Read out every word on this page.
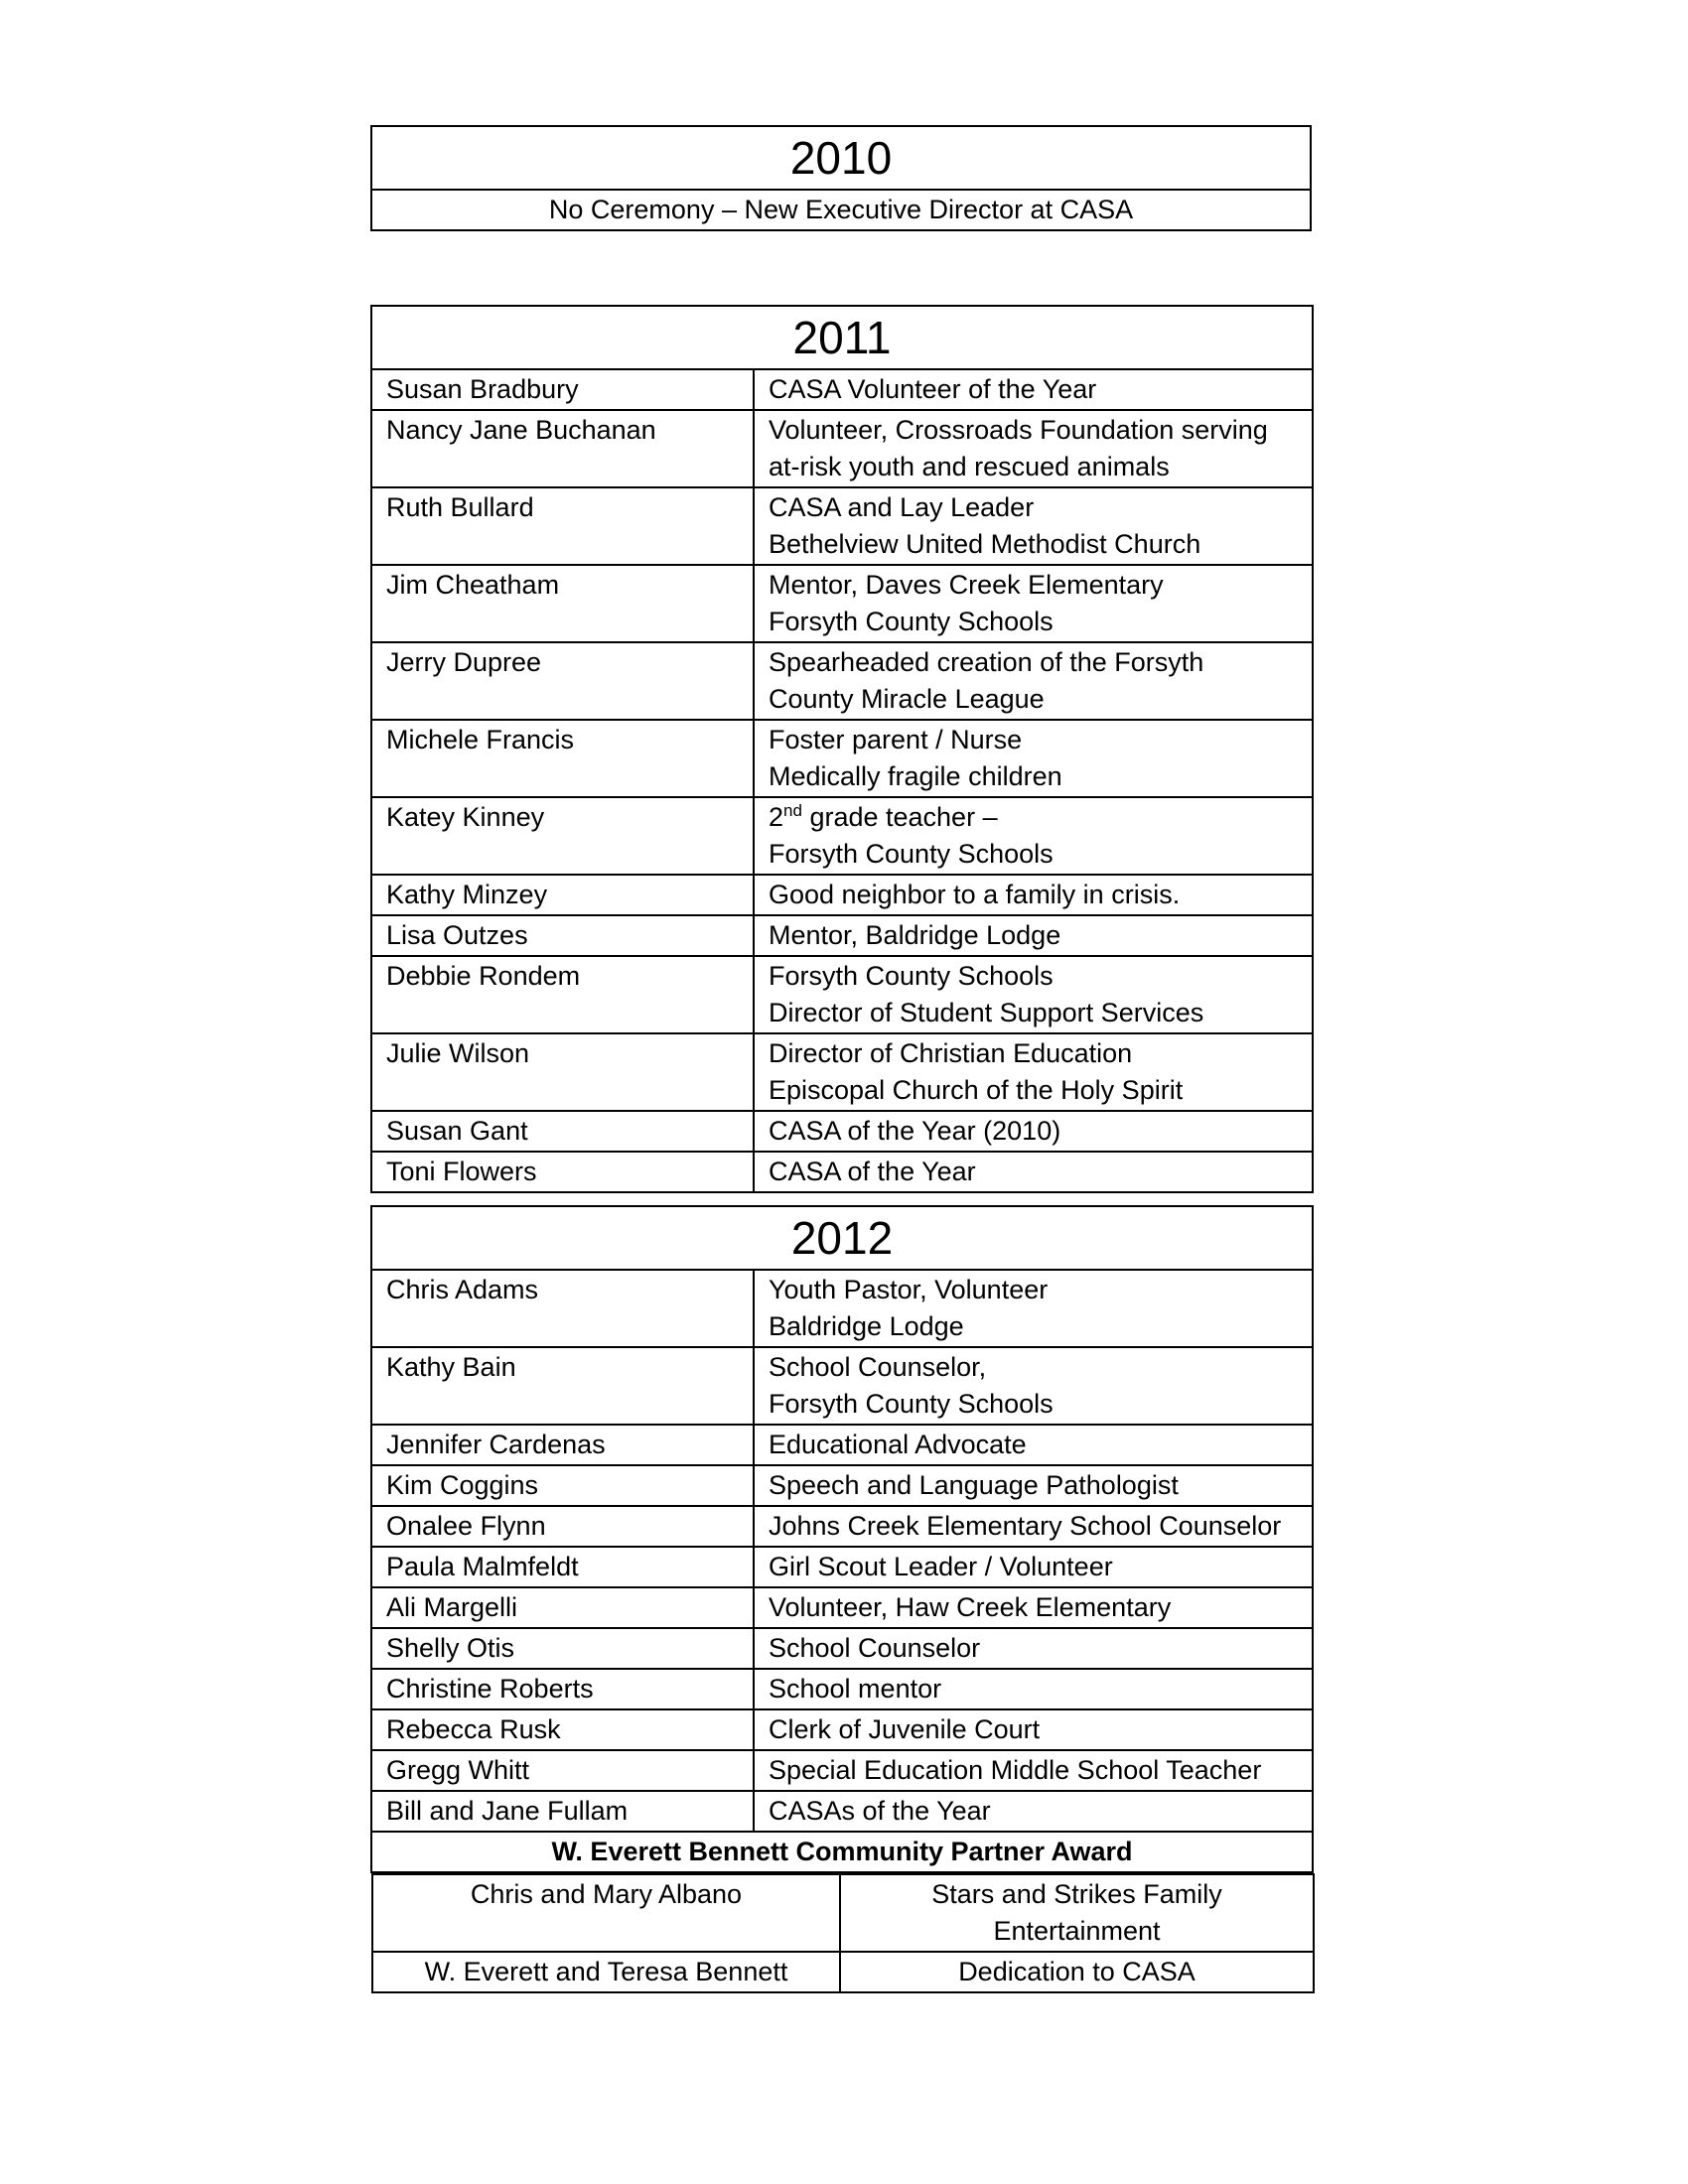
2010
No Ceremony – New Executive Director at CASA
2011	
Susan Bradbury	CASA Volunteer of the Year

Nancy Jane Buchanan	Volunteer, Crossroads Foundation serving
at-risk youth and rescued animals

Ruth Bullard	CASA and Lay Leader
Bethelview United Methodist Church

Jim Cheatham	Mentor, Daves Creek Elementary
Forsyth County Schools

Jerry Dupree	Spearheaded creation of the Forsyth
County Miracle League

Michele Francis	Foster parent / Nurse
Medically fragile children

Katey Kinney	2nd grade teacher –
Forsyth County Schools

Kathy Minzey	Good neighbor to a family in crisis.

Lisa Outzes	Mentor, Baldridge Lodge

Debbie Rondem	Forsyth County Schools
Director of Student Support Services

Julie Wilson	Director of Christian Education
Episcopal Church of the Holy Spirit

Susan Gant	CASA of the Year (2010)

Toni Flowers	CASA of the Year
2012
Chris Adams	Youth Pastor, Volunteer
Baldridge Lodge

Kathy Bain	School Counselor,
Forsyth County Schools

Jennifer Cardenas	Educational Advocate

Kim Coggins	Speech and Language Pathologist

Onalee Flynn	Johns Creek Elementary School Counselor

Paula Malmfeldt	Girl Scout Leader / Volunteer

Ali Margelli	Volunteer, Haw Creek Elementary

Shelly Otis	School Counselor

Christine Roberts	School mentor

Rebecca Rusk	Clerk of Juvenile Court

Gregg Whitt	Special Education Middle School Teacher

Bill and Jane Fullam	CASAs of the Year

W. Everett Bennett Community Partner Award

Chris and Mary Albano	Stars and Strikes Family
Entertainment

W. Everett and Teresa Bennett	Dedication to CASA
